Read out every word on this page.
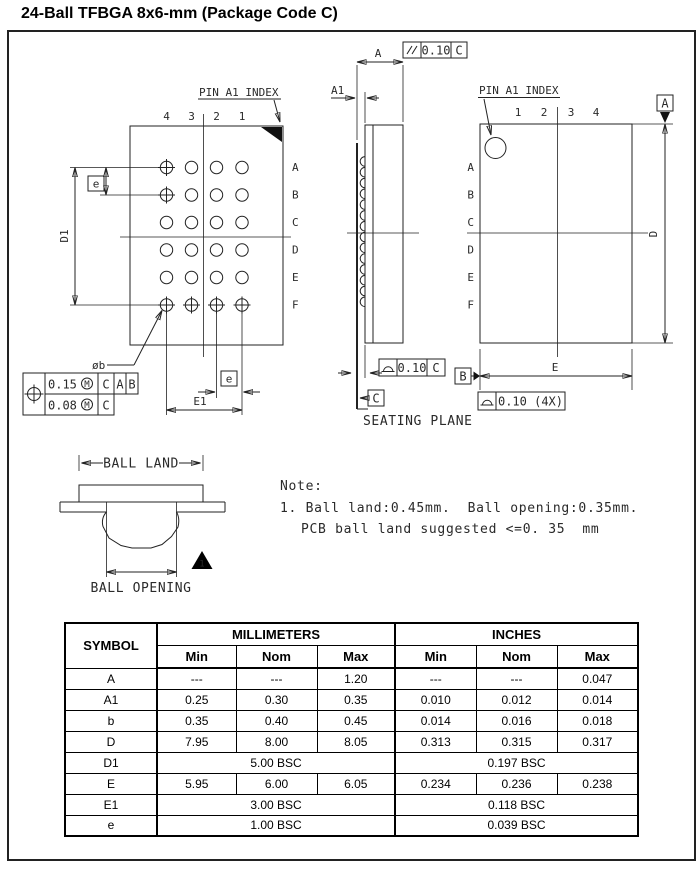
24-Ball TFBGA 8x6-mm (Package Code C)
4 3 2 1
A
B
C
D
E
F
PIN A1 INDEX
D1
e
øb
0.15 M C A B
0.08 M C
e
E1
A
A1
0.10 C
0.10 C
C
SEATING PLANE
PIN A1 INDEX
1 2 3 4
A
B
C
D
E
F
D
A
E
B
0.10 (4X)
BALL LAND
BALL OPENING
1
Note:
1. Ball land:0.45mm.  Ball opening:0.35mm.
PCB ball land suggested <=0. 35  mm
SYMBOL	MILLIMETERS			INCHES		
	Min	Nom	Max	Min	Nom	Max
A	---	---	1.20	---	---	0.047
A1	0.25	0.30	0.35	0.010	0.012	0.014
b	0.35	0.40	0.45	0.014	0.016	0.018
D	7.95	8.00	8.05	0.313	0.315	0.317
D1	5.00 BSC			0.197 BSC		
E	5.95	6.00	6.05	0.234	0.236	0.238
E1	3.00 BSC			0.118 BSC		
e	1.00 BSC			0.039 BSC		
